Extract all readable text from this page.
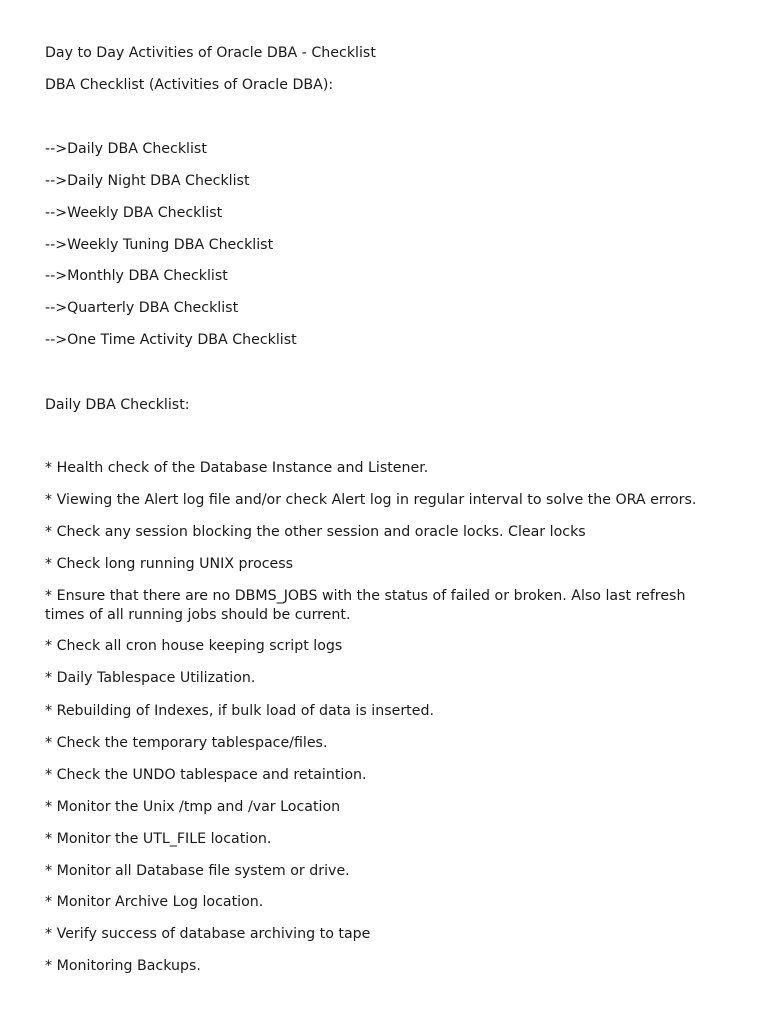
Day to Day Activities of Oracle DBA - Checklist
DBA Checklist (Activities of Oracle DBA):
-->Daily DBA Checklist
-->Daily Night DBA Checklist
-->Weekly DBA Checklist
-->Weekly Tuning DBA Checklist
-->Monthly DBA Checklist
-->Quarterly DBA Checklist
-->One Time Activity DBA Checklist
Daily DBA Checklist:
* Health check of the Database Instance and Listener.
* Viewing the Alert log file and/or check Alert log in regular interval to solve the ORA errors.
* Check any session blocking the other session and oracle locks. Clear locks
* Check long running UNIX process
* Ensure that there are no DBMS_JOBS with the status of failed or broken. Also last refresh times of all running jobs should be current.
* Check all cron house keeping script logs
* Daily Tablespace Utilization.
* Rebuilding of Indexes, if bulk load of data is inserted.
* Check the temporary tablespace/files.
* Check the UNDO tablespace and retaintion.
* Monitor the Unix /tmp and /var Location
* Monitor the UTL_FILE location.
* Monitor all Database file system or drive.
* Monitor Archive Log location.
* Verify success of database archiving to tape
* Monitoring Backups.
